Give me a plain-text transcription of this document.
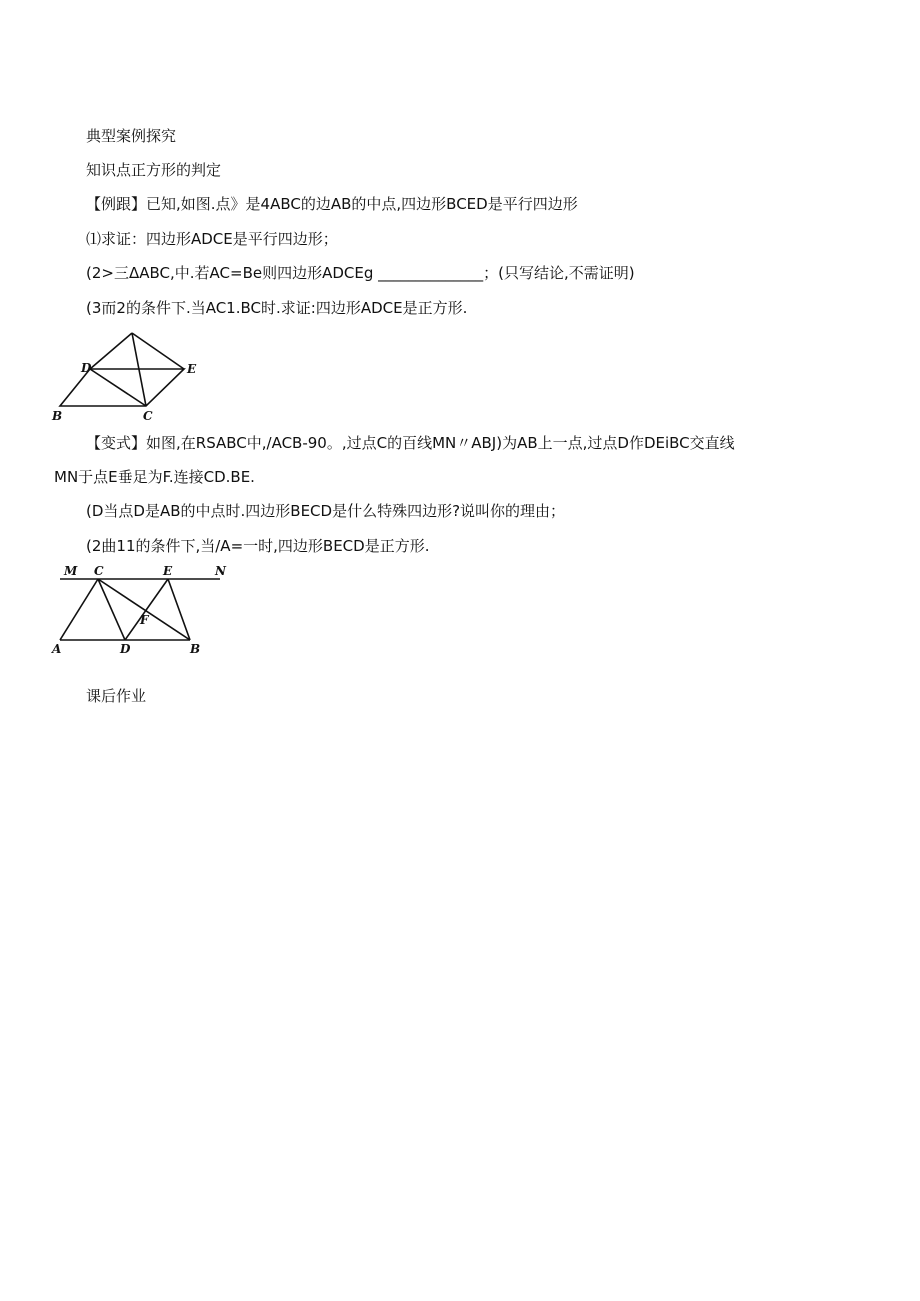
典型案例探究
知识点正方形的判定
【例跟】已知,如图.点》是4ABC的边AB的中点,四边形BCED是平行四边形
⑴求证：四边形ADCE是平行四边形；
(2>三ΔABC,中.若AC=Be则四边形ADCEg ______________；(只写结论,不需证明)
(3而2的条件下.当AC1.BC时.求证:四边形ADCE是正方形.
D	E
B	C
【变式】如图,在RSABC中,/ACB-90。,过点C的百线MN〃ABJ)为AB上一点,过点D作DEiBC交直线
MN于点E垂足为F.连接CD.BE.
(D当点D是AB的中点时.四边形BECD是什么特殊四边形?说叫你的理由；
(2曲11的条件下,当/A=一时,四边形BECD是正方形.
M C	E	N
F
A	D	B
课后作业
